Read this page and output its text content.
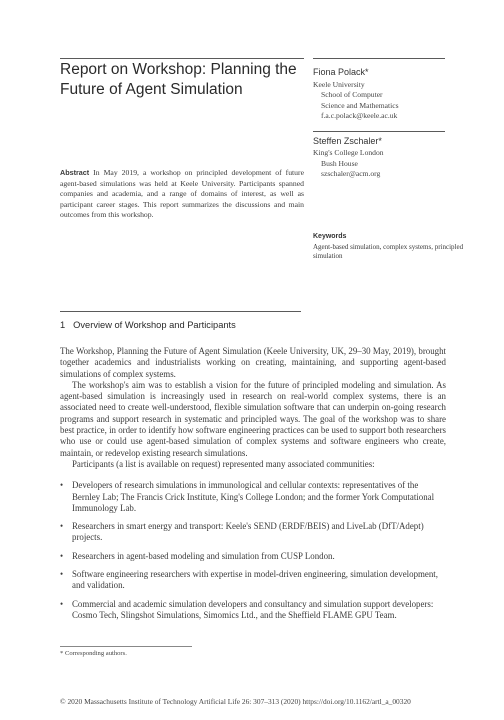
Report on Workshop: Planning the Future of Agent Simulation
Fiona Polack*
Keele University
School of Computer
Science and Mathematics
f.a.c.polack@keele.ac.uk
Steffen Zschaler*
King's College London
Bush House
szschaler@acm.org
Abstract In May 2019, a workshop on principled development of future agent-based simulations was held at Keele University. Participants spanned companies and academia, and a range of domains of interest, as well as participant career stages. This report summarizes the discussions and main outcomes from this workshop.
Keywords
Agent-based simulation, complex systems, principled simulation
1 Overview of Workshop and Participants

The Workshop, Planning the Future of Agent Simulation (Keele University, UK, 29–30 May, 2019), brought together academics and industrialists working on creating, maintaining, and supporting agent-based simulations of complex systems.

The workshop's aim was to establish a vision for the future of principled modeling and simulation. As agent-based simulation is increasingly used in research on real-world complex systems, there is an associated need to create well-understood, flexible simulation software that can underpin on-going research programs and support research in systematic and principled ways. The goal of the workshop was to share best practice, in order to identify how software engineering practices can be used to support both researchers who use or could use agent-based simulation of complex systems and software engineers who create, maintain, or redevelop existing research simulations.

Participants (a list is available on request) represented many associated communities:

• Developers of research simulations in immunological and cellular contexts: representatives of the Bernley Lab; The Francis Crick Institute, King's College London; and the former York Computational Immunology Lab.
• Researchers in smart energy and transport: Keele's SEND (ERDF/BEIS) and LiveLab (DfT/Adept) projects.
• Researchers in agent-based modeling and simulation from CUSP London.
• Software engineering researchers with expertise in model-driven engineering, simulation development, and validation.
• Commercial and academic simulation developers and consultancy and simulation support developers: Cosmo Tech, Slingshot Simulations, Simomics Ltd., and the Sheffield FLAME GPU Team.
* Corresponding authors.
© 2020 Massachusetts Institute of Technology Artificial Life 26: 307–313 (2020) https://doi.org/10.1162/artl_a_00320
